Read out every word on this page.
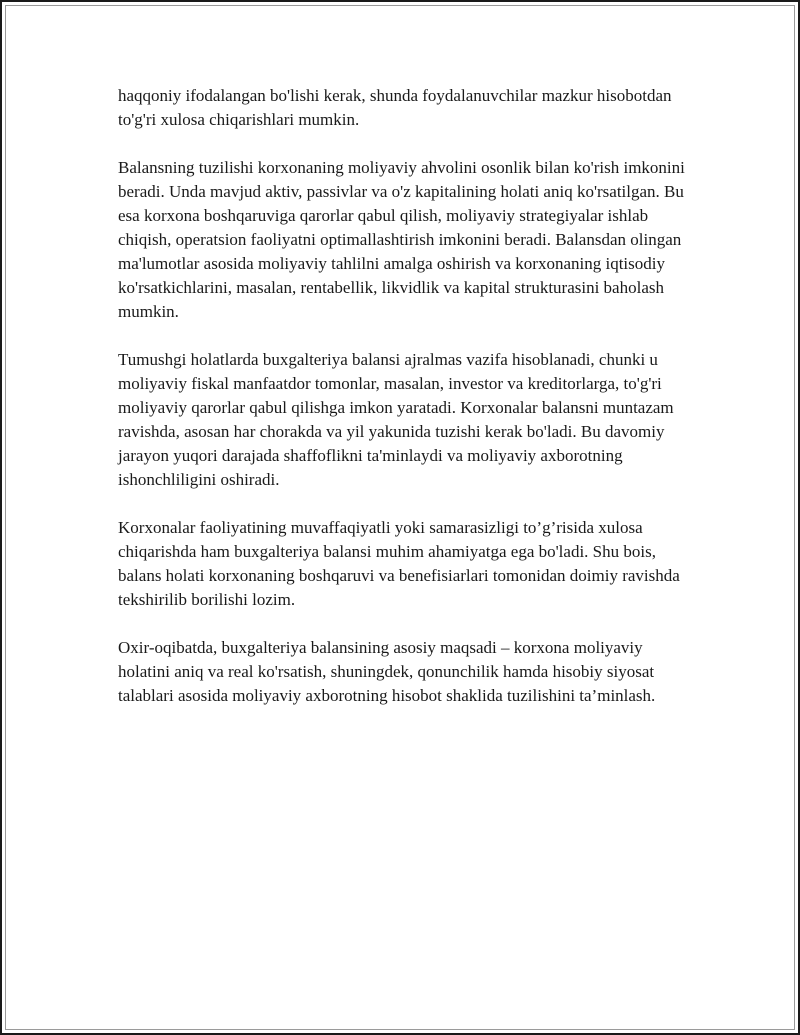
haqqoniy ifodalangan bo'lishi kerak, shunda foydalanuvchilar mazkur hisobotdan to'g'ri xulosa chiqarishlari mumkin.

Balansning tuzilishi korxonaning moliyaviy ahvolini osonlik bilan ko'rish imkonini beradi. Unda mavjud aktiv, passivlar va o'z kapitalining holati aniq ko'rsatilgan. Bu esa korxona boshqaruviga qarorlar qabul qilish, moliyaviy strategiyalar ishlab chiqish, operatsion faoliyatni optimallashtirish imkonini beradi. Balansdan olingan ma'lumotlar asosida moliyaviy tahlilni amalga oshirish va korxonaning iqtisodiy ko'rsatkichlarini, masalan, rentabellik, likvidlik va kapital strukturasini baholash mumkin.

Tumushgi holatlarda buxgalteriya balansi ajralmas vazifa hisoblanadi, chunki u moliyaviy fiskal manfaatdor tomonlar, masalan, investor va kreditorlarga, to'g'ri moliyaviy qarorlar qabul qilishga imkon yaratadi. Korxonalar balansni muntazam ravishda, asosan har chorakda va yil yakunida tuzishi kerak bo'ladi. Bu davomiy jarayon yuqori darajada shaffoflikni ta'minlaydi va moliyaviy axborotning ishonchliligini oshiradi.

Korxonalar faoliyatining muvaffaqiyatli yoki samarasizligi to’g’risida xulosa chiqarishda ham buxgalteriya balansi muhim ahamiyatga ega bo'ladi. Shu bois, balans holati korxonaning boshqaruvi va benefisiarlari tomonidan doimiy ravishda tekshirilib borilishi lozim.

Oxir-oqibatda, buxgalteriya balansining asosiy maqsadi – korxona moliyaviy holatini aniq va real ko'rsatish, shuningdek, qonunchilik hamda hisobiy siyosat talablari asosida moliyaviy axborotning hisobot shaklida tuzilishini ta’minlash.
